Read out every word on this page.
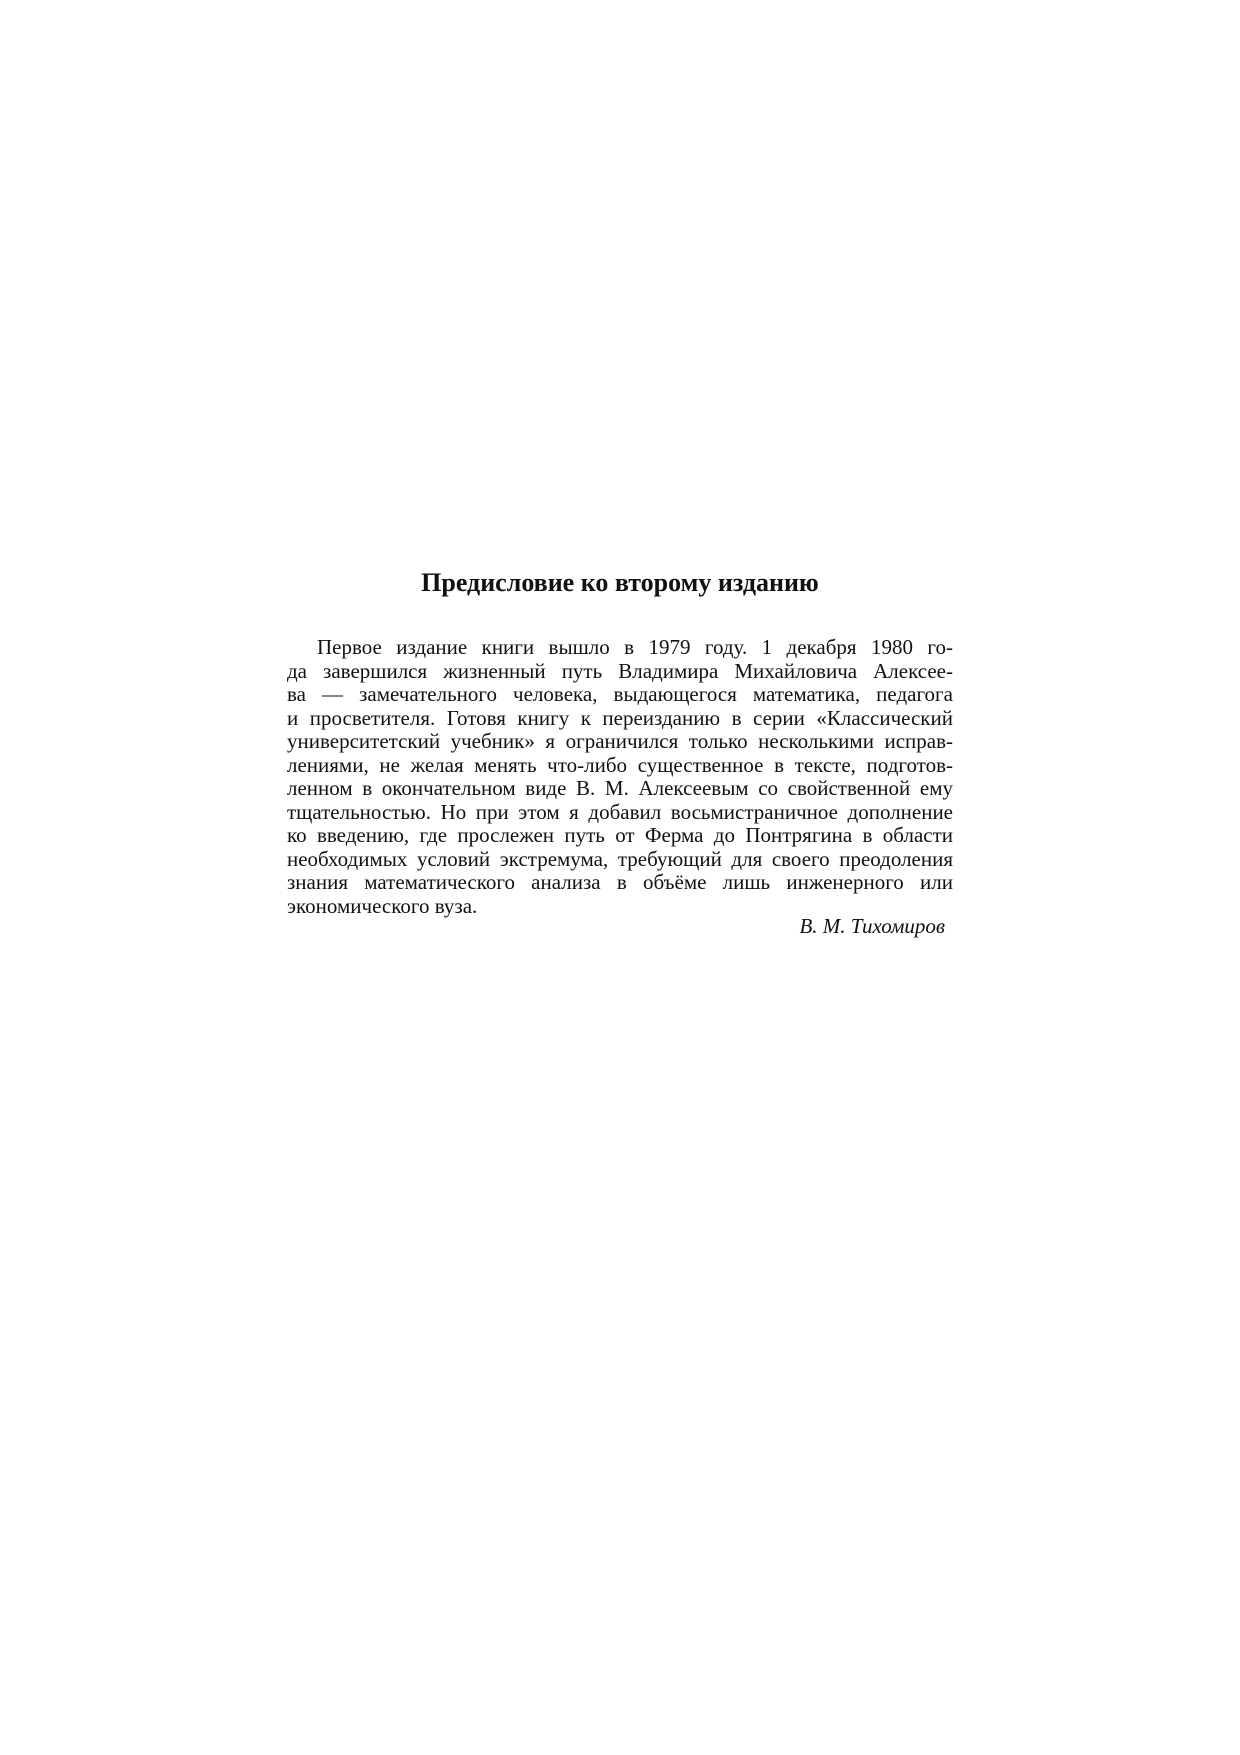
Предисловие ко второму изданию
Первое издание книги вышло в 1979 году. 1 декабря 1980 го-
да завершился жизненный путь Владимира Михайловича Алексее-
ва — замечательного человека, выдающегося математика, педагога
и просветителя. Готовя книгу к переизданию в серии «Классический
университетский учебник» я ограничился только несколькими исправ-
лениями, не желая менять что-либо существенное в тексте, подготов-
ленном в окончательном виде В. М. Алексеевым со свойственной ему
тщательностью. Но при этом я добавил восьмистраничное дополнение
ко введению, где прослежен путь от Ферма до Понтрягина в области
необходимых условий экстремума, требующий для своего преодоления
знания математического анализа в объёме лишь инженерного или
экономического вуза.
В. М. Тихомиров
